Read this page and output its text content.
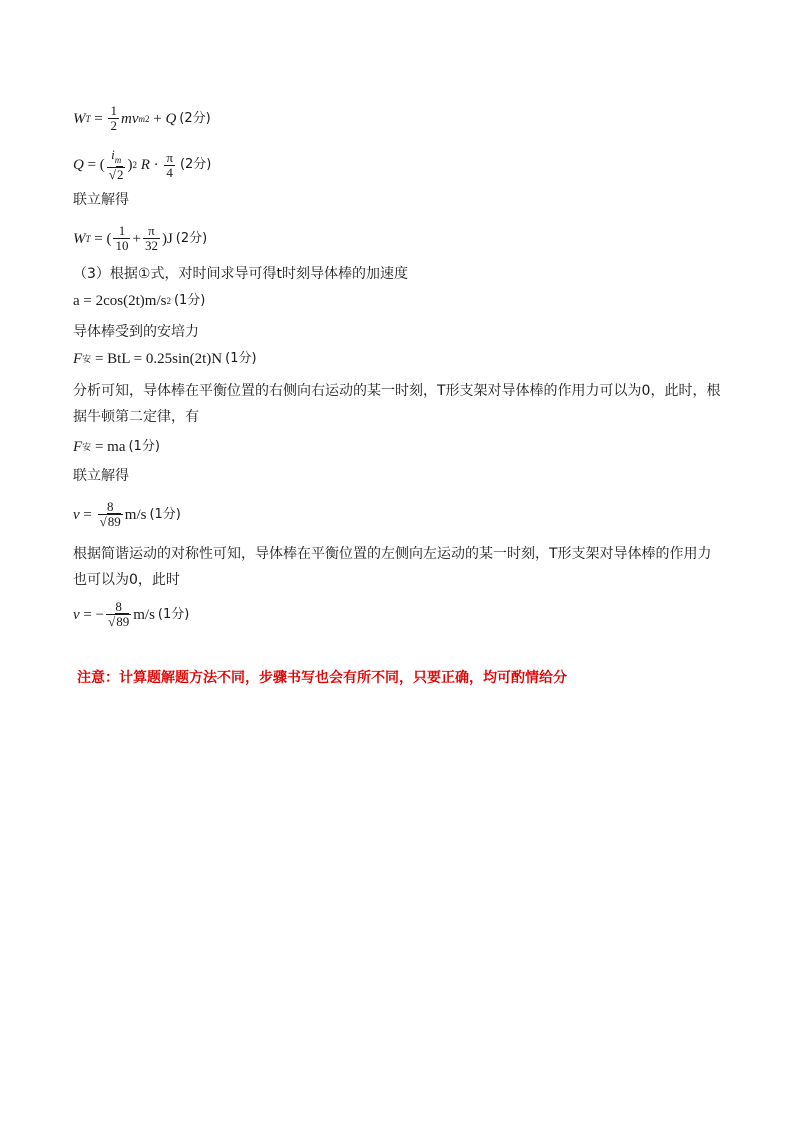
W $T = \frac{1}{2}$ mv m 2 + Q (2分)
Q = ( $\frac{i_m}{√2}$ ) 2
$R \cdot \frac{\pi}{4} (2$分)
联立解得
W T = ( $\frac{1}{10} + \frac{\pi}{32} )J$ (2分)
（3）根据①式，对时间求导可得t时刻导体棒的加速度
a = 2cos(2t)m/s 2 (1分)
导体棒受到的安培力
F 安
= BtL = 0.25sin(2t)N (1分)
分析可知，导体棒在平衡位置的右侧向右运动的某一时刻，T形支架对导体棒的作用力可以为0，此时，根
据牛顿第二定律，有
F 安
= ma (1分)
联立解得
$v = \frac{8}{√89} m/s$ (1分)
根据简谐运动的对称性可知，导体棒在平衡位置的左侧向左运动的某一时刻，T形支架对导体棒的作用力
也可以为0，此时
v = − $\frac{8}{√89} m/s$ (1分)
注意：计算题解题方法不同，步骤书写也会有所不同，只要正确，均可酌情给分
